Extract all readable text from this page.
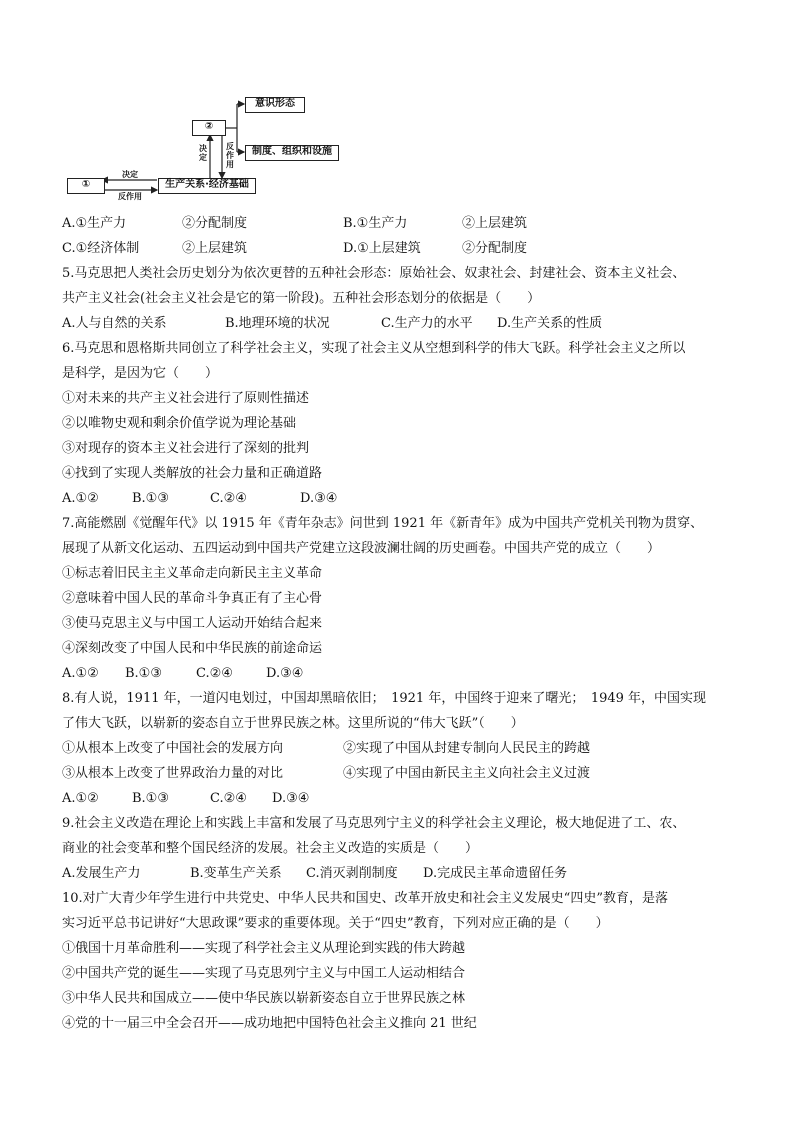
①
②
生产关系·经济基础
意识形态
制度、组织和设施
决定
反作用
决定
反作用
A.①生产力	②分配制度	B.①生产力	②上层建筑
C.①经济体制	②上层建筑	D.①上层建筑	②分配制度
5.马克思把人类社会历史划分为依次更替的五种社会形态：原始社会、奴隶社会、封建社会、资本主义社会、
共产主义社会(社会主义社会是它的第一阶段)。五种社会形态划分的依据是（　　）
A.人与自然的关系	B.地理环境的状况	C.生产力的水平 D.生产关系的性质
6.马克思和恩格斯共同创立了科学社会主义，实现了社会主义从空想到科学的伟大飞跃。科学社会主义之所以
是科学，是因为它（　　）
①对未来的共产主义社会进行了原则性描述
②以唯物史观和剩余价值学说为理论基础
③对现存的资本主义社会进行了深刻的批判
④找到了实现人类解放的社会力量和正确道路
A.①②	B.①③	C.②④	D.③④
7.高能燃剧《觉醒年代》以 1915 年《青年杂志》问世到 1921 年《新青年》成为中国共产党机关刊物为贯穿、
展现了从新文化运动、五四运动到中国共产党建立这段波澜壮阔的历史画卷。中国共产党的成立（　　）
①标志着旧民主主义革命走向新民主主义革命
②意味着中国人民的革命斗争真正有了主心骨
③使马克思主义与中国工人运动开始结合起来
④深刻改变了中国人民和中华民族的前途命运
A.①② B.①③	C.②④	D.③④
8.有人说，1911 年，一道闪电划过，中国却黑暗依旧；　1921 年，中国终于迎来了曙光；　1949 年，中国实现
了伟大飞跃，以崭新的姿态自立于世界民族之林。这里所说的“伟大飞跃”（　　）
①从根本上改变了中国社会的发展方向	②实现了中国从封建专制向人民民主的跨越
③从根本上改变了世界政治力量的对比	④实现了中国由新民主主义向社会主义过渡
A.①②	B.①③	C.②④ D.③④
9.社会主义改造在理论上和实践上丰富和发展了马克思列宁主义的科学社会主义理论，极大地促进了工、农、
商业的社会变革和整个国民经济的发展。社会主义改造的实质是（　　）
A.发展生产力	B.变革生产关系 C.消灭剥削制度 D.完成民主革命遗留任务
10.对广大青少年学生进行中共党史、中华人民共和国史、改革开放史和社会主义发展史“四史”教育，是落
实习近平总书记讲好“大思政课”要求的重要体现。关于“四史”教育，下列对应正确的是（　　）
①俄国十月革命胜利——实现了科学社会主义从理论到实践的伟大跨越
②中国共产党的诞生——实现了马克思列宁主义与中国工人运动相结合
③中华人民共和国成立——使中华民族以崭新姿态自立于世界民族之林
④党的十一届三中全会召开——成功地把中国特色社会主义推向 21 世纪
